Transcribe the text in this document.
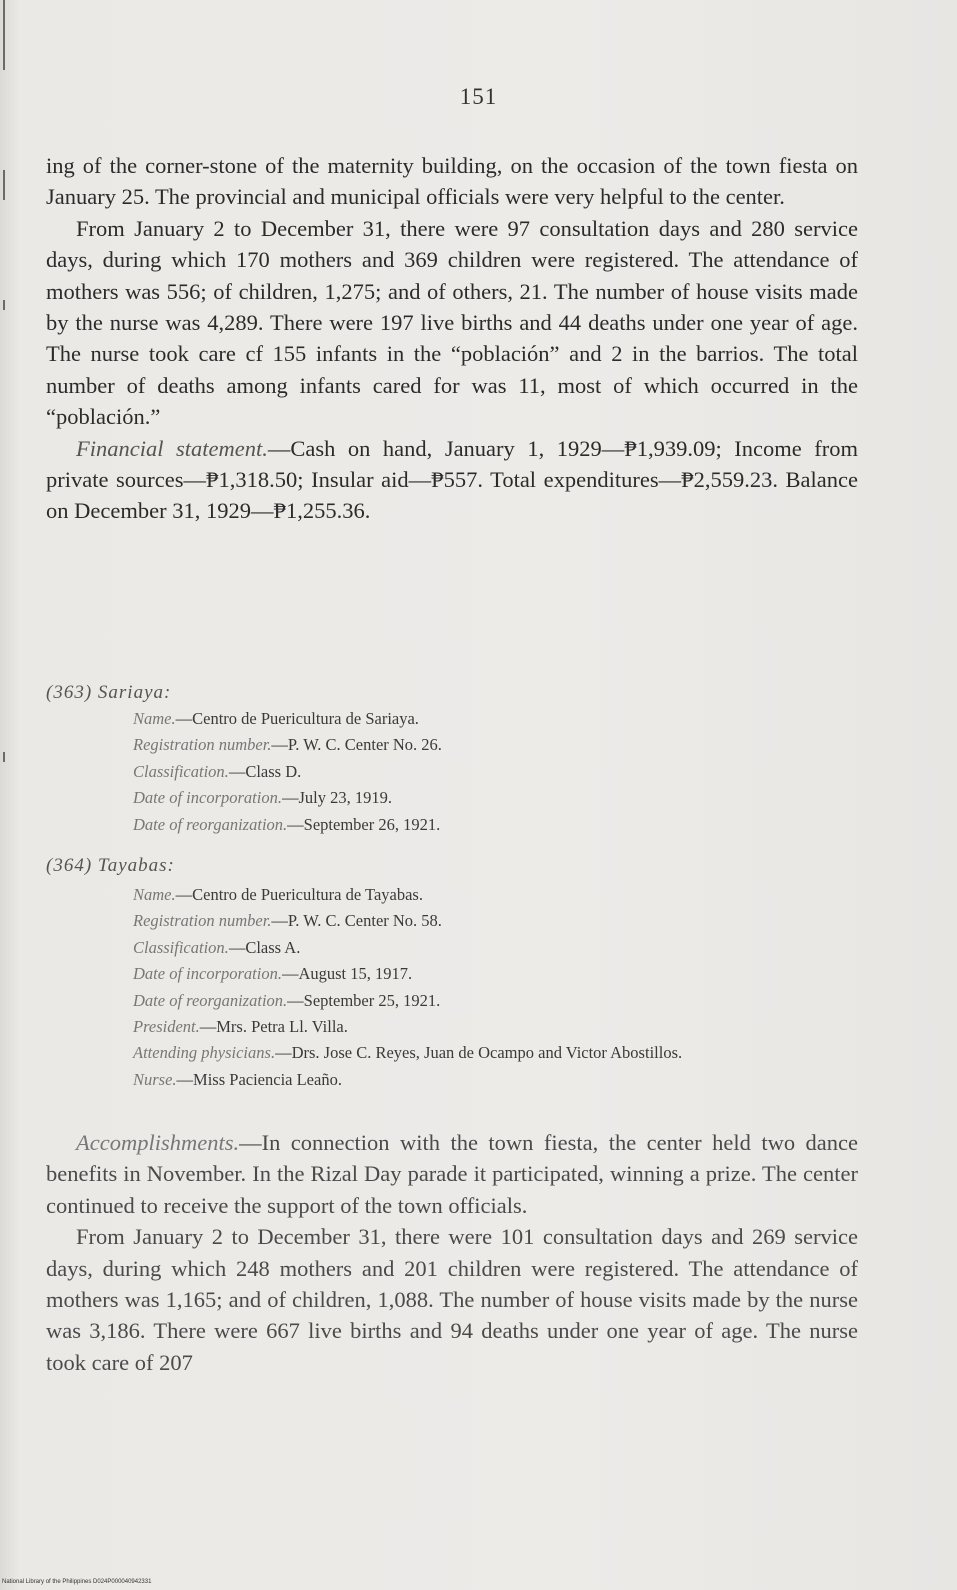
151

ing of the corner-stone of the maternity building, on the occasion of the town fiesta on January 25. The provincial and municipal officials were very helpful to the center.

From January 2 to December 31, there were 97 consultation days and 280 service days, during which 170 mothers and 369 children were registered. The attendance of mothers was 556; of children, 1,275; and of others, 21. The number of house visits made by the nurse was 4,289. There were 197 live births and 44 deaths under one year of age. The nurse took care cf 155 infants in the “población” and 2 in the barrios. The total number of deaths among infants cared for was 11, most of which occurred in the “población.”

Financial statement.—Cash on hand, January 1, 1929—₱1,939.09; Income from private sources—₱1,318.50; Insular aid—₱557. Total expenditures—₱2,559.23. Balance on December 31, 1929—₱1,255.36.

(363) Sariaya:

Name.—Centro de Puericultura de Sariaya.

Registration number.—P. W. C. Center No. 26.

Classification.—Class D.

Date of incorporation.—July 23, 1919.

Date of reorganization.—September 26, 1921.

(364) Tayabas:

Name.—Centro de Puericultura de Tayabas.

Registration number.—P. W. C. Center No. 58.

Classification.—Class A.

Date of incorporation.—August 15, 1917.

Date of reorganization.—September 25, 1921.

President.—Mrs. Petra Ll. Villa.

Attending physicians.—Drs. Jose C. Reyes, Juan de Ocampo and Victor Abostillos.

Nurse.—Miss Paciencia Leaño.

Accomplishments.—In connection with the town fiesta, the center held two dance benefits in November. In the Rizal Day parade it participated, winning a prize. The center continued to receive the support of the town officials.

From January 2 to December 31, there were 101 consultation days and 269 service days, during which 248 mothers and 201 children were registered. The attendance of mothers was 1,165; and of children, 1,088. The number of house visits made by the nurse was 3,186. There were 667 live births and 94 deaths under one year of age. The nurse took care of 207

National Library of the Philippines D024P000040942331
